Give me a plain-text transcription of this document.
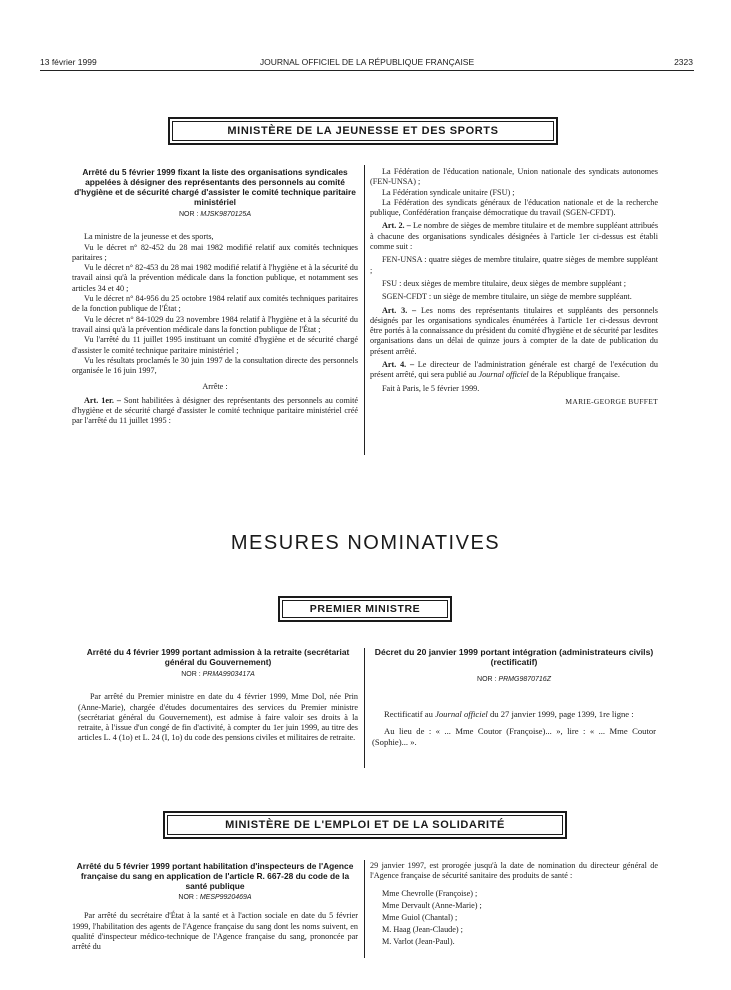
13 février 1999	JOURNAL OFFICIEL DE LA RÉPUBLIQUE FRANÇAISE	2323
MINISTÈRE DE LA JEUNESSE ET DES SPORTS
Arrêté du 5 février 1999 fixant la liste des organisations syndicales appelées à désigner des représentants des personnels au comité d'hygiène et de sécurité chargé d'assister le comité technique paritaire ministériel
NOR : MJSK9870125A

La ministre de la jeunesse et des sports,

Vu le décret n° 82-452 du 28 mai 1982 modifié relatif aux comités techniques paritaires ;

Vu le décret n° 82-453 du 28 mai 1982 modifié relatif à l'hygiène et à la sécurité du travail ainsi qu'à la prévention médicale dans la fonction publique, et notamment ses articles 34 et 40 ;

Vu le décret n° 84-956 du 25 octobre 1984 relatif aux comités techniques paritaires de la fonction publique de l'État ;

Vu le décret n° 84-1029 du 23 novembre 1984 relatif à l'hygiène et à la sécurité du travail ainsi qu'à la prévention médicale dans la fonction publique de l'État ;

Vu l'arrêté du 11 juillet 1995 instituant un comité d'hygiène et de sécurité chargé d'assister le comité technique paritaire ministériel ;

Vu les résultats proclamés le 30 juin 1997 de la consultation directe des personnels organisée le 16 juin 1997,

Arrête :

Art. 1er. – Sont habilitées à désigner des représentants des personnels au comité d'hygiène et de sécurité chargé d'assister le comité technique paritaire ministériel créé par l'arrêté du 11 juillet 1995 :

La Fédération de l'éducation nationale, Union nationale des syndicats autonomes (FEN-UNSA) ;

La Fédération syndicale unitaire (FSU) ;

La Fédération des syndicats généraux de l'éducation nationale et de la recherche publique, Confédération française démocratique du travail (SGEN-CFDT).

Art. 2. – Le nombre de sièges de membre titulaire et de membre suppléant attribués à chacune des organisations syndicales désignées à l'article 1er ci-dessus est établi comme suit :

FEN-UNSA : quatre sièges de membre titulaire, quatre sièges de membre suppléant ;

FSU : deux sièges de membre titulaire, deux sièges de membre suppléant ;

SGEN-CFDT : un siège de membre titulaire, un siège de membre suppléant.

Art. 3. – Les noms des représentants titulaires et suppléants des personnels désignés par les organisations syndicales énumérées à l'article 1er ci-dessus devront être portés à la connaissance du président du comité d'hygiène et de sécurité par lesdites organisations dans un délai de quinze jours à compter de la date de publication du présent arrêté.

Art. 4. – Le directeur de l'administration générale est chargé de l'exécution du présent arrêté, qui sera publié au Journal officiel de la République française.

Fait à Paris, le 5 février 1999.

MARIE-GEORGE BUFFET
MESURES NOMINATIVES
PREMIER MINISTRE
Arrêté du 4 février 1999 portant admission à la retraite (secrétariat général du Gouvernement)
NOR : PRMA9903417A

Par arrêté du Premier ministre en date du 4 février 1999, Mme Dol, née Prin (Anne-Marie), chargée d'études documentaires des services du Premier ministre (secrétariat général du Gouvernement), est admise à faire valoir ses droits à la retraite, à l'issue d'un congé de fin d'activité, à compter du 1er juin 1999, au titre des articles L. 4 (1o) et L. 24 (I, 1o) du code des pensions civiles et militaires de retraite.

Décret du 20 janvier 1999 portant intégration (administrateurs civils) (rectificatif)
NOR : PRMG9870716Z

Rectificatif au Journal officiel du 27 janvier 1999, page 1399, 1re ligne :

Au lieu de : « ... Mme Coutor (Françoise)... », lire : « ... Mme Coutor (Sophie)... ».

MINISTÈRE DE L'EMPLOI ET DE LA SOLIDARITÉ
Arrêté du 5 février 1999 portant habilitation d'inspecteurs de l'Agence française du sang en application de l'article R. 667-28 du code de la santé publique
NOR : MESP9920469A

Par arrêté du secrétaire d'État à la santé et à l'action sociale en date du 5 février 1999, l'habilitation des agents de l'Agence française du sang dont les noms suivent, en qualité d'inspecteur médico-technique de l'Agence française du sang, prononcée par arrêté du

29 janvier 1997, est prorogée jusqu'à la date de nomination du directeur général de l'Agence française de sécurité sanitaire des produits de santé :

Mme Chevrolle (Françoise) ;
Mme Dervault (Anne-Marie) ;
Mme Guiol (Chantal) ;
M. Haag (Jean-Claude) ;
M. Varlot (Jean-Paul).
